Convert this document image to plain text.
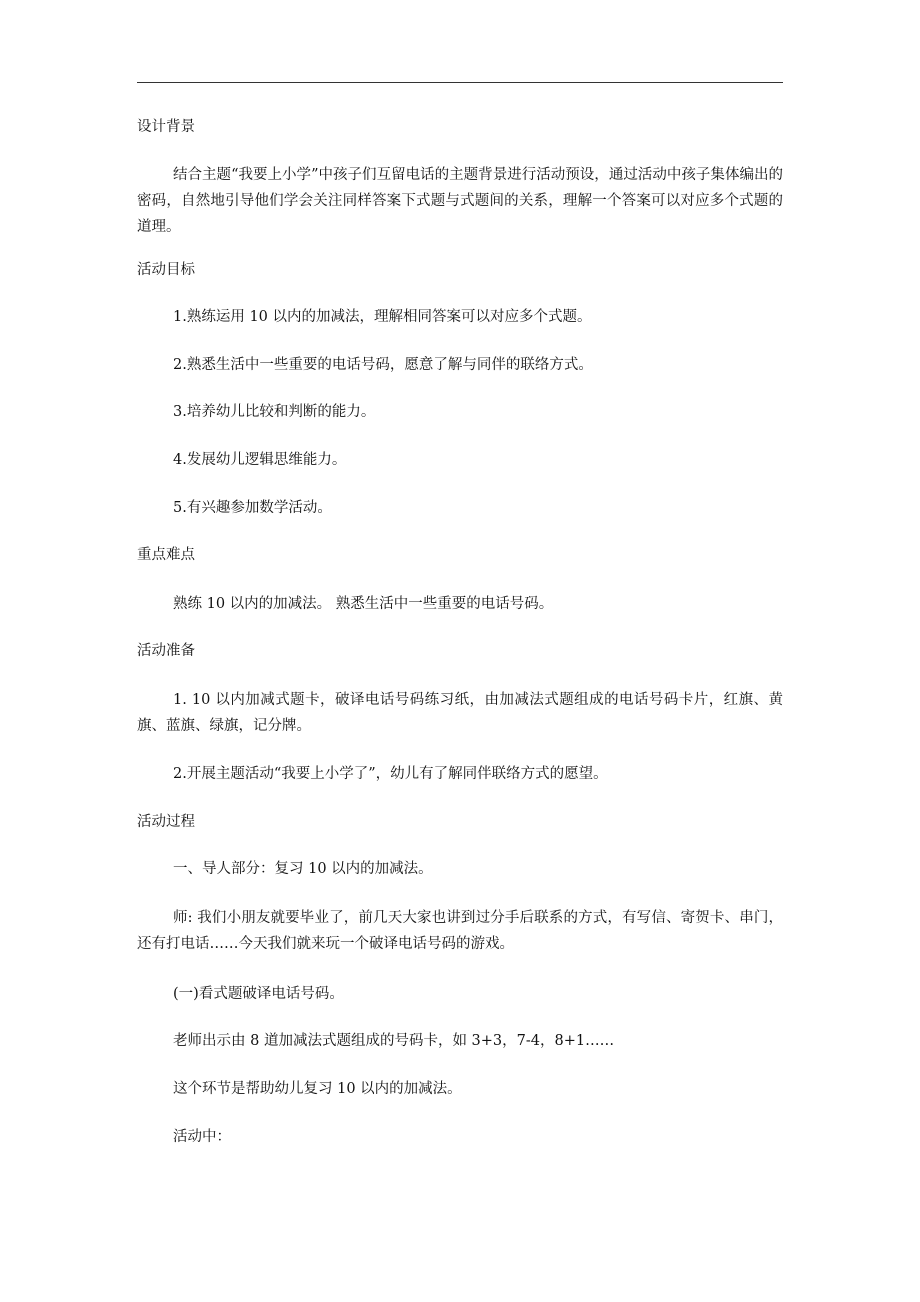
设计背景
结合主题“我要上小学”中孩子们互留电话的主题背景进行活动预设，通过活动中孩子集体编出的密码，自然地引导他们学会关注同样答案下式题与式题间的关系，理解一个答案可以对应多个式题的道理。
活动目标
1.熟练运用 10 以内的加减法，理解相同答案可以对应多个式题。
2.熟悉生活中一些重要的电话号码，愿意了解与同伴的联络方式。
3.培养幼儿比较和判断的能力。
4.发展幼儿逻辑思维能力。
5.有兴趣参加数学活动。
重点难点
熟练 10 以内的加减法。 熟悉生活中一些重要的电话号码。
活动准备
1. 10 以内加减式题卡，破译电话号码练习纸，由加减法式题组成的电话号码卡片，红旗、黄旗、蓝旗、绿旗，记分牌。
2.开展主题活动“我要上小学了”，幼儿有了解同伴联络方式的愿望。
活动过程
一、导人部分：复习 10 以内的加减法。
师: 我们小朋友就要毕业了，前几天大家也讲到过分手后联系的方式，有写信、寄贺卡、串门，还有打电话……今天我们就来玩一个破译电话号码的游戏。
(一)看式题破译电话号码。
老师出示由 8 道加减法式题组成的号码卡，如 3+3，7-4，8+1……
这个环节是帮助幼儿复习 10 以内的加减法。
活动中：
